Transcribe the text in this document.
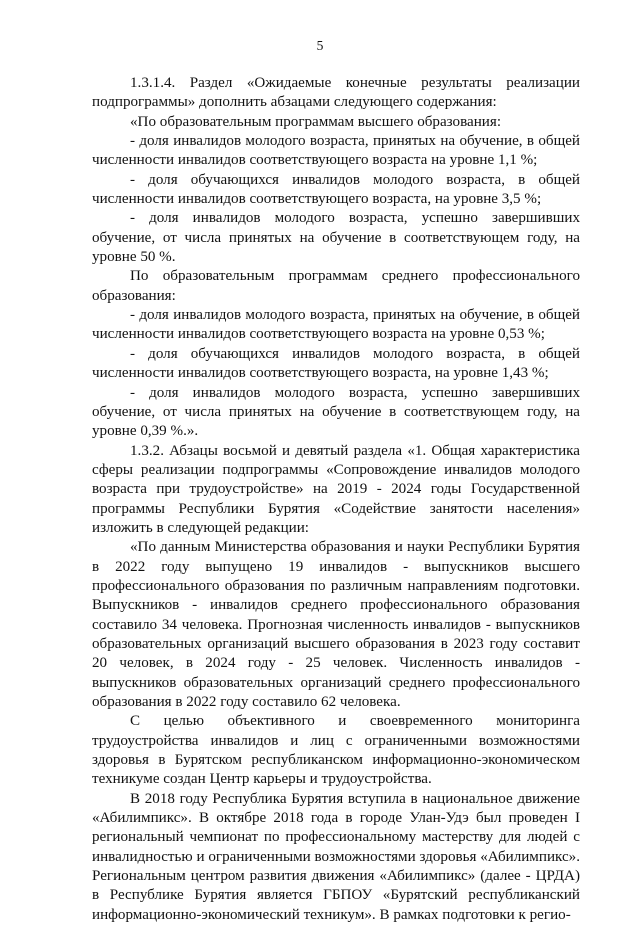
5

1.3.1.4. Раздел «Ожидаемые конечные результаты реализации подпрограммы» дополнить абзацами следующего содержания:

«По образовательным программам высшего образования:

- доля инвалидов молодого возраста, принятых на обучение, в общей численности инвалидов соответствующего возраста на уровне 1,1 %;

- доля обучающихся инвалидов молодого возраста, в общей численности инвалидов соответствующего возраста, на уровне 3,5 %;

- доля инвалидов молодого возраста, успешно завершивших обучение, от числа принятых на обучение в соответствующем году, на уровне 50 %.

По образовательным программам среднего профессионального образования:

- доля инвалидов молодого возраста, принятых на обучение, в общей численности инвалидов соответствующего возраста на уровне 0,53 %;

- доля обучающихся инвалидов молодого возраста, в общей численности инвалидов соответствующего возраста, на уровне 1,43 %;

- доля инвалидов молодого возраста, успешно завершивших обучение, от числа принятых на обучение в соответствующем году, на уровне 0,39 %.».

1.3.2. Абзацы восьмой и девятый раздела «1. Общая характеристика сферы реализации подпрограммы «Сопровождение инвалидов молодого возраста при трудоустройстве» на 2019 - 2024 годы Государственной программы Республики Бурятия «Содействие занятости населения» изложить в следующей редакции:

«По данным Министерства образования и науки Республики Бурятия в 2022 году выпущено 19 инвалидов - выпускников высшего профессионального образования по различным направлениям подготовки. Выпускников - инвалидов среднего профессионального образования составило 34 человека. Прогнозная численность инвалидов - выпускников образовательных организаций высшего образования в 2023 году составит 20 человек, в 2024 году - 25 человек. Численность инвалидов - выпускников образовательных организаций среднего профессионального образования в 2022 году составило 62 человека.

С целью объективного и своевременного мониторинга трудоустройства инвалидов и лиц с ограниченными возможностями здоровья в Бурятском республиканском информационно-экономическом техникуме создан Центр карьеры и трудоустройства.

В 2018 году Республика Бурятия вступила в национальное движение «Абилимпикс». В октябре 2018 года в городе Улан-Удэ был проведен I региональный чемпионат по профессиональному мастерству для людей с инвалидностью и ограниченными возможностями здоровья «Абилимпикс». Региональным центром развития движения «Абилимпикс» (далее - ЦРДА) в Республике Бурятия является ГБПОУ «Бурятский республиканский информационно-экономический техникум». В рамках подготовки к регио-
